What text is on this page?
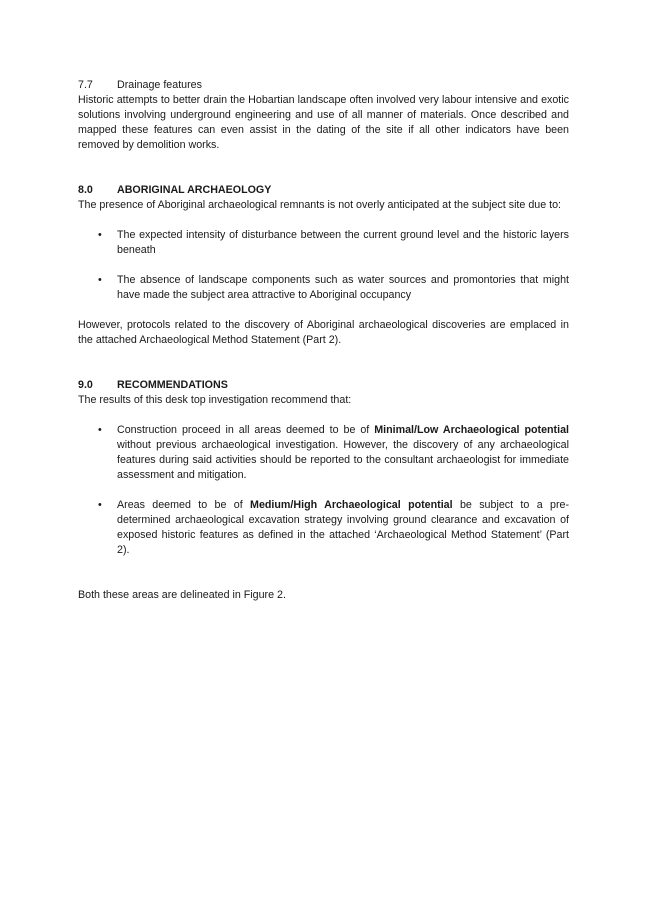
7.7	Drainage features

Historic attempts to better drain the Hobartian landscape often involved very labour intensive and exotic solutions involving underground engineering and use of all manner of materials. Once described and mapped these features can even assist in the dating of the site if all other indicators have been removed by demolition works.

8.0	ABORIGINAL ARCHAEOLOGY

The presence of Aboriginal archaeological remnants is not overly anticipated at the subject site due to:

• The expected intensity of disturbance between the current ground level and the historic layers beneath
• The absence of landscape components such as water sources and promontories that might have made the subject area attractive to Aboriginal occupancy

However, protocols related to the discovery of Aboriginal archaeological discoveries are emplaced in the attached Archaeological Method Statement (Part 2).

9.0	RECOMMENDATIONS

The results of this desk top investigation recommend that:

• Construction proceed in all areas deemed to be of Minimal/Low Archaeological potential without previous archaeological investigation. However, the discovery of any archaeological features during said activities should be reported to the consultant archaeologist for immediate assessment and mitigation.
• Areas deemed to be of Medium/High Archaeological potential be subject to a pre-determined archaeological excavation strategy involving ground clearance and excavation of exposed historic features as defined in the attached ‘Archaeological Method Statement’ (Part 2).

Both these areas are delineated in Figure 2.
